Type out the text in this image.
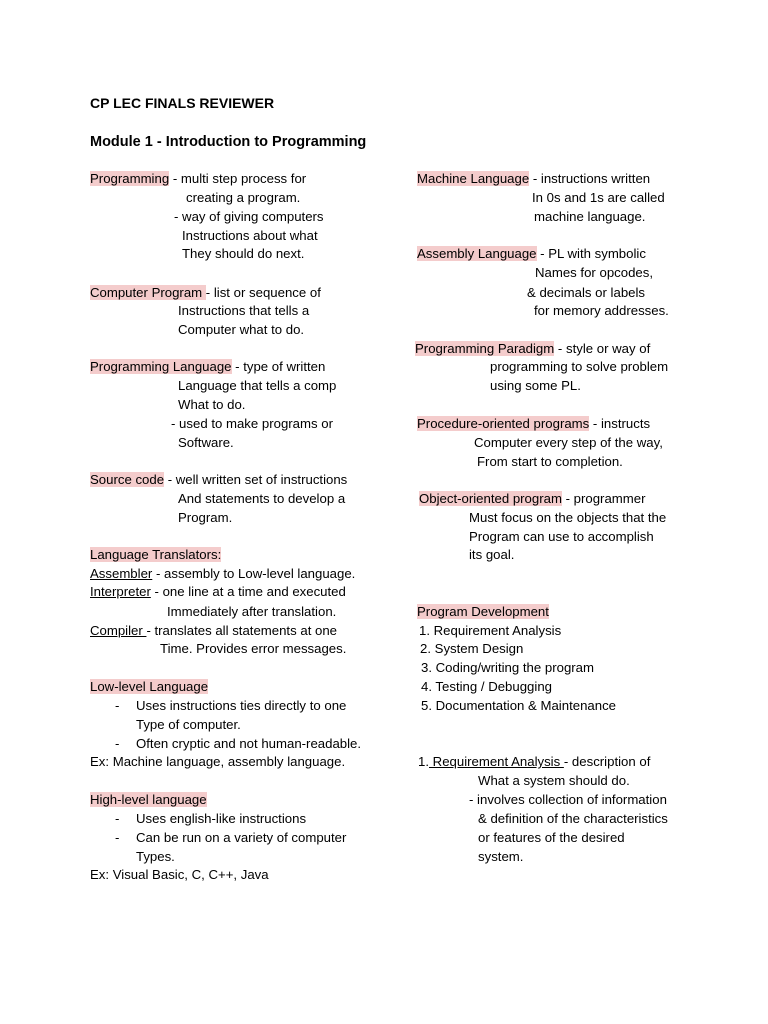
CP LEC FINALS REVIEWER
Module 1 - Introduction to Programming
Programming - multi step process for
creating a program.
- way of giving computers
Instructions about what
They should do next.
Computer Program - list or sequence of
Instructions that tells a
Computer what to do.
Programming Language - type of written
Language that tells a comp
What to do.
- used to make programs or
Software.
Source code - well written set of instructions
And statements to develop a
Program.
Language Translators:
Assembler - assembly to Low-level language.
Interpreter - one line at a time and executed
Immediately after translation.
Compiler - translates all statements at one
Time. Provides error messages.
Low-level Language
- Uses instructions ties directly to one
Type of computer.
- Often cryptic and not human-readable.
Ex: Machine language, assembly language.
High-level language
- Uses english-like instructions
- Can be run on a variety of computer
Types.
Ex: Visual Basic, C, C++, Java
Machine Language - instructions written
In 0s and 1s are called
machine language.
Assembly Language - PL with symbolic
Names for opcodes,
& decimals or labels
for memory addresses.
Programming Paradigm - style or way of
programming to solve problem
using some PL.
Procedure-oriented programs - instructs
Computer every step of the way,
From start to completion.
Object-oriented program - programmer
Must focus on the objects that the
Program can use to accomplish
its goal.
Program Development
1. Requirement Analysis
2. System Design
3. Coding/writing the program
4. Testing / Debugging
5. Documentation & Maintenance
1. Requirement Analysis - description of
What a system should do.
- involves collection of information
& definition of the characteristics
or features of the desired
system.
